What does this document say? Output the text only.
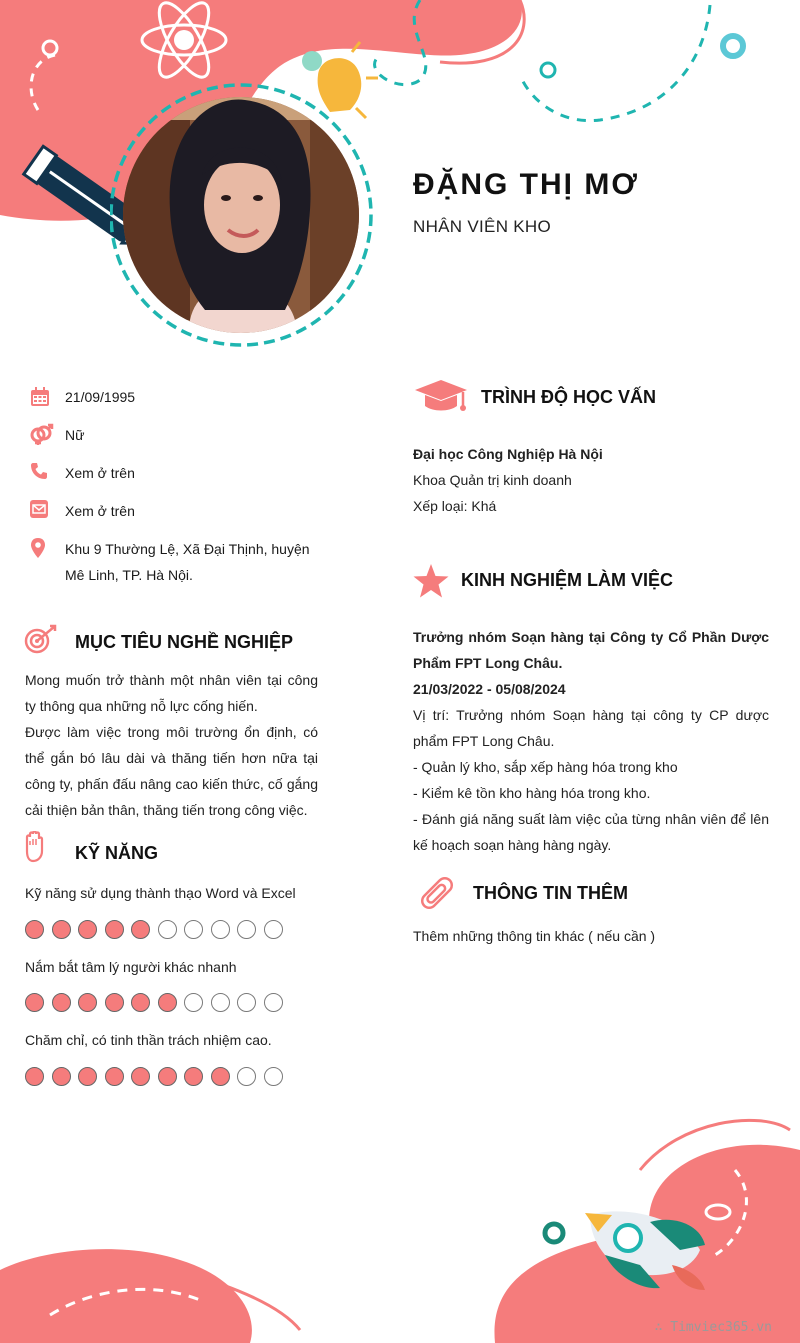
ĐẶNG THỊ MƠ
NHÂN VIÊN KHO
21/09/1995
Nữ
Xem ở trên
Xem ở trên
Khu 9 Thường Lệ, Xã Đại Thịnh, huyện Mê Linh, TP. Hà Nội.
MỤC TIÊU NGHỀ NGHIỆP
Mong muốn trở thành một nhân viên tại công ty thông qua những nỗ lực cống hiến.
Được làm việc trong môi trường ổn định, có thể gắn bó lâu dài và thăng tiến hơn nữa tại công ty, phấn đấu nâng cao kiến thức, cố gắng cải thiện bản thân, thăng tiến trong công việc.
KỸ NĂNG
Kỹ năng sử dụng thành thạo Word và Excel
Nắm bắt tâm lý người khác nhanh
Chăm chỉ, có tinh thần trách nhiệm cao.
TRÌNH ĐỘ HỌC VẤN
Đại học Công Nghiệp Hà Nội
Khoa Quản trị kinh doanh
Xếp loại: Khá
KINH NGHIỆM LÀM VIỆC
Trưởng nhóm Soạn hàng tại Công ty Cổ Phần Dược Phẩm FPT Long Châu.
21/03/2022 - 05/08/2024
Vị trí: Trưởng nhóm Soạn hàng tại công ty CP dược phẩm FPT Long Châu.
- Quản lý kho, sắp xếp hàng hóa trong kho
- Kiểm kê tồn kho hàng hóa trong kho.
- Đánh giá năng suất làm việc của từng nhân viên để lên kế hoạch soạn hàng hàng ngày.
THÔNG TIN THÊM
Thêm những thông tin khác ( nếu cần )
∴ Timviec365.vn
